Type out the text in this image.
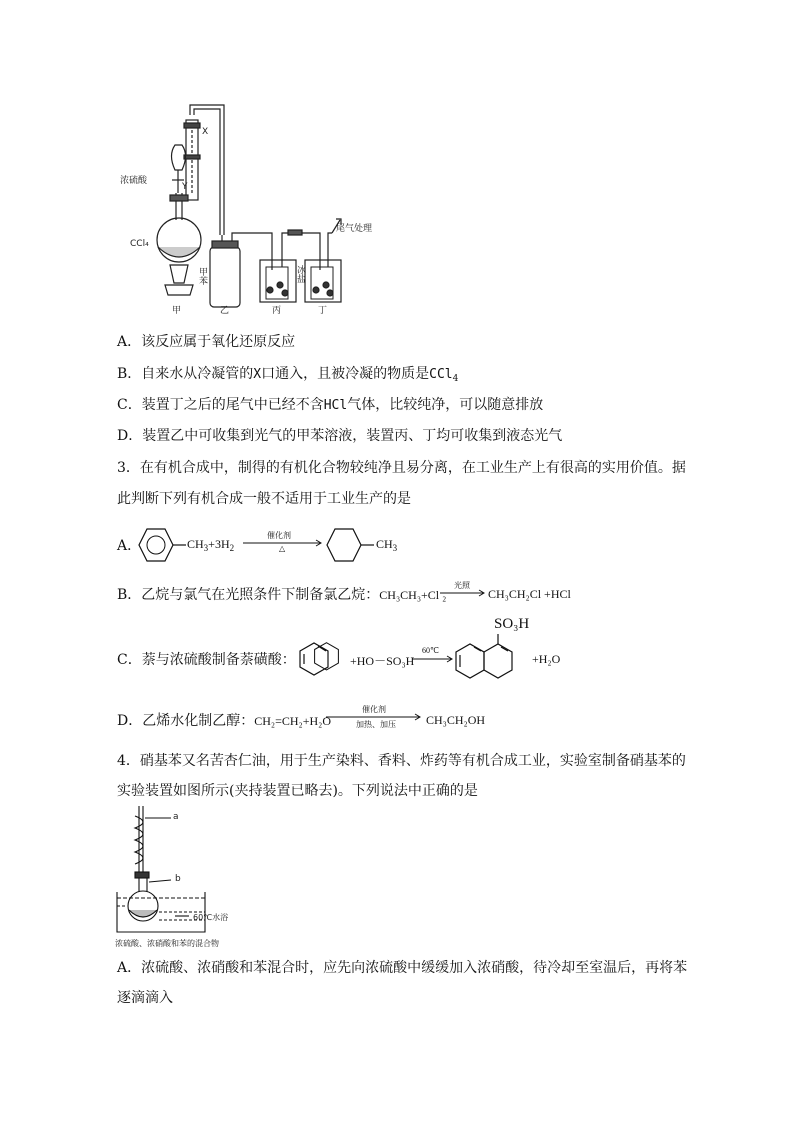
X
Y
浓硫酸
CCl₄
甲苯	冰盐
尾气处理
甲	乙	丙	丁
A．该反应属于氧化还原反应
B．自来水从冷凝管的X口通入，且被冷凝的物质是CCl$_4$
C．装置丁之后的尾气中已经不含HCl气体，比较纯净，可以随意排放
D．装置乙中可收集到光气的甲苯溶液，装置丙、丁均可收集到液态光气
3．在有机合成中，制得的有机化合物较纯净且易分离，在工业生产上有很高的实用价值。据
此判断下列有机合成一般不适用于工业生产的是
A．	$CH_3+3H_2$
催化剂
△	$CH_3$
B．乙烷与氯气在光照条件下制备氯乙烷：CH₃CH₃+Cl ₂
光照
CH₃CH₂Cl +HCl
C．萘与浓硫酸制备萘磺酸：	+HO－SO₃H
60℃
SO₃H
+H₂O
D．乙烯水化制乙醇：CH₂=CH₂+H₂O
催化剂
加热、加压	CH₃CH₂OH
4．硝基苯又名苦杏仁油，用于生产染料、香料、炸药等有机合成工业，实验室制备硝基苯的
实验装置如图所示(夹持装置已略去)。下列说法中正确的是
a
b
60℃水浴
浓硫酸、浓硝酸和苯的混合物
A．浓硫酸、浓硝酸和苯混合时，应先向浓硫酸中缓缓加入浓硝酸，待冷却至室温后，再将苯
逐滴滴入
